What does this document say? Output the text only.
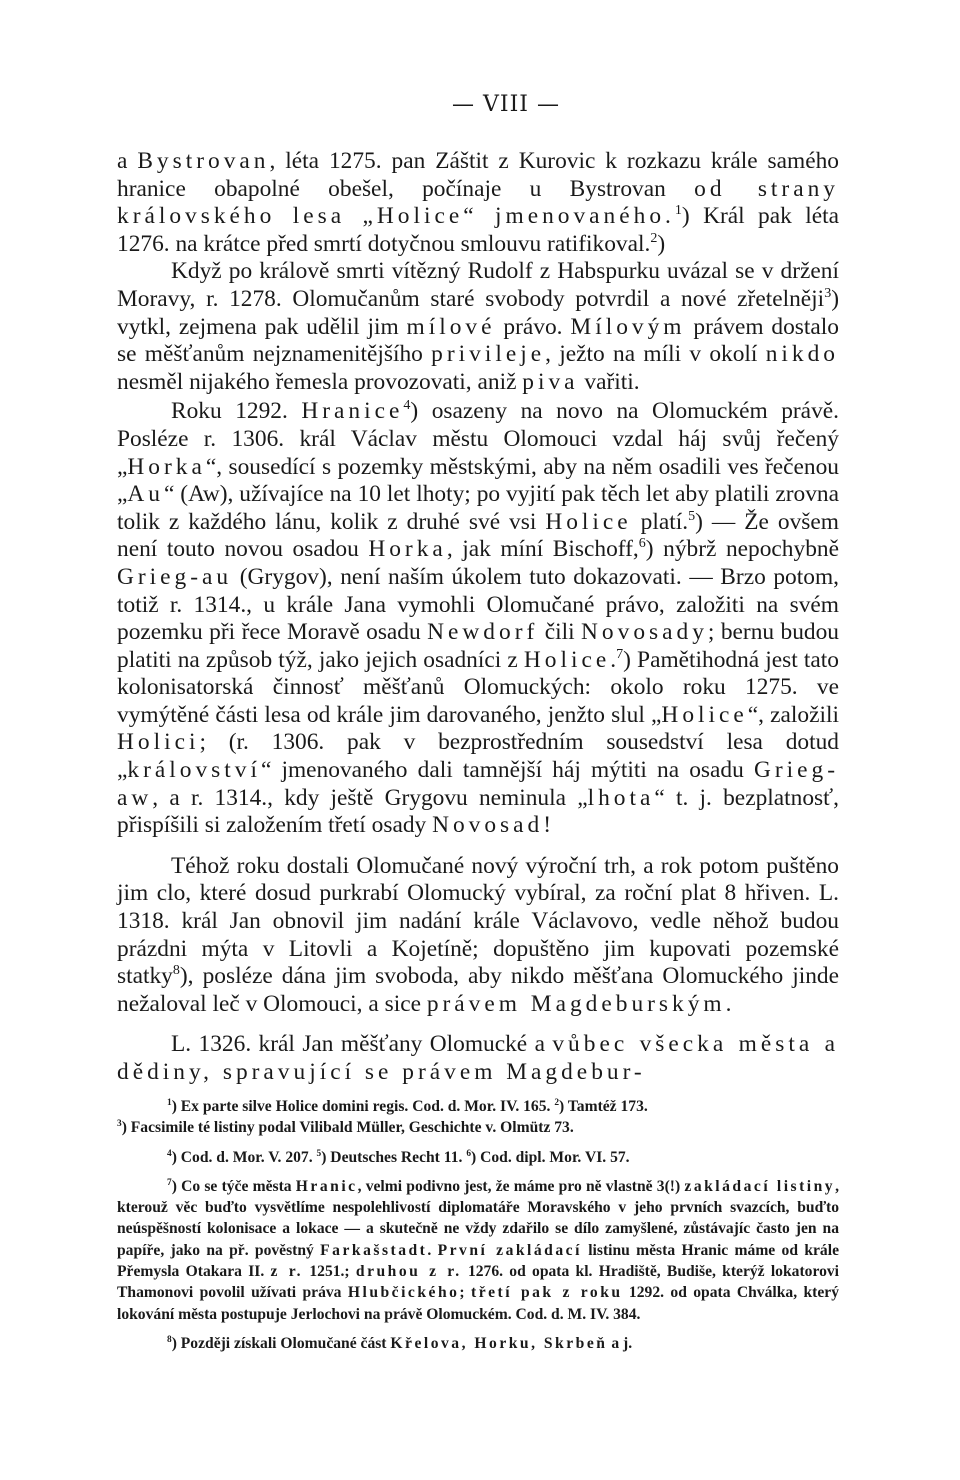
— VIII —

a Bystrovan, léta 1275. pan Záštit z Kurovic k rozkazu krále samého hranice obapolné obešel, počínaje u Bystrovan od strany královského lesa „Holice“ jmenovaného.$^1$) Král pak léta 1276. na krátce před smrtí dotyčnou smlouvu ratifikoval.$^2$)

Když po králově smrti vítězný Rudolf z Habspurku uvázal se v držení Moravy, r. 1278. Olomučanům staré svobody potvrdil a nové zřetelněji$^3$) vytkl, zejmena pak udělil jim mílové právo. Mílovým právem dostalo se měšťanům nejznamenitějšího privileje, ježto na míli v okolí nikdo nesměl nijakého řemesla provozovati, aniž piva vařiti.

Roku 1292. Hranice$^4$) osazeny na novo na Olomuckém právě. Posléze r. 1306. král Václav městu Olomouci vzdal háj svůj řečený „Horka“, sousedící s pozemky městskými, aby na něm osadili ves řečenou „Au“ (Aw), užívajíce na 10 let lhoty; po vyjití pak těch let aby platili zrovna tolik z každého lánu, kolik z druhé své vsi Holice platí.$^5$) — Že ovšem není touto novou osadou Horka, jak míní Bischoff,$^6$) nýbrž nepochybně Grieg-au (Grygov), není naším úkolem tuto dokazovati. — Brzo potom, totiž r. 1314., u krále Jana vymohli Olomučané právo, založiti na svém pozemku při řece Moravě osadu Newdorf čili Novosady; bernu budou platiti na způsob týž, jako jejich osadníci z Holice.$^7$) Pamětihodná jest tato kolonisatorská činnosť měšťanů Olomuckých: okolo roku 1275. ve vymýtěné části lesa od krále jim darovaného, jenžto slul „Holice“, založili Holici; (r. 1306. pak v bezprostředním sousedství lesa dotud „království“ jmenovaného dali tamnější háj mýtiti na osadu Grieg-aw, a r. 1314., kdy ještě Grygovu neminula „lhota“ t. j. bezplatnosť, přispíšili si založením třetí osady Novosad!

Téhož roku dostali Olomučané nový výroční trh, a rok potom puštěno jim clo, které dosud purkrabí Olomucký vybíral, za roční plat 8 hřiven. L. 1318. král Jan obnovil jim nadání krále Václavovo, vedle něhož budou prázdni mýta v Litovli a Kojetíně; dopuštěno jim kupovati pozemské statky$^8$), posléze dána jim svoboda, aby nikdo měšťana Olomuckého jinde nežaloval leč v Olomouci, a sice právem Magdeburským.

L. 1326. král Jan měšťany Olomucké a vůbec všecka města a dědiny, spravující se právem Magdebur-

$^1$) Ex parte silve Holice domini regis. Cod. d. Mor. IV. 165. $^2$) Tamtéž 173.

$^3$) Facsimile té listiny podal Vilibald Müller, Geschichte v. Olmütz 73.

$^4$) Cod. d. Mor. V. 207. $^5$) Deutsches Recht 11. $^6$) Cod. dipl. Mor. VI. 57.

$^7$) Co se týče města Hranic, velmi podivno jest, že máme pro ně vlastně 3(!) zakládací listiny, kterouž věc buďto vysvětlíme nespolehlivostí diplomatáře Moravského v jeho prvních svazcích, buďto neúspěšností kolonisace a lokace — a skutečně ne vždy zdařilo se dílo zamyšlené, zůstávajíc často jen na papíře, jako na př. pověstný Farkašstadt. První zakládací listinu města Hranic máme od krále Přemysla Otakara II. z r. 1251.; druhou z r. 1276. od opata kl. Hradiště, Budiše, kterýž lokatorovi Thamonovi povolil užívati práva Hlubčického; třetí pak z roku 1292. od opata Chválka, který lokování města postupuje Jerlochovi na právě Olomuckém. Cod. d. M. IV. 384.

$^8$) Později získali Olomučané část Křelova, Horku, Skrbeň a j.
